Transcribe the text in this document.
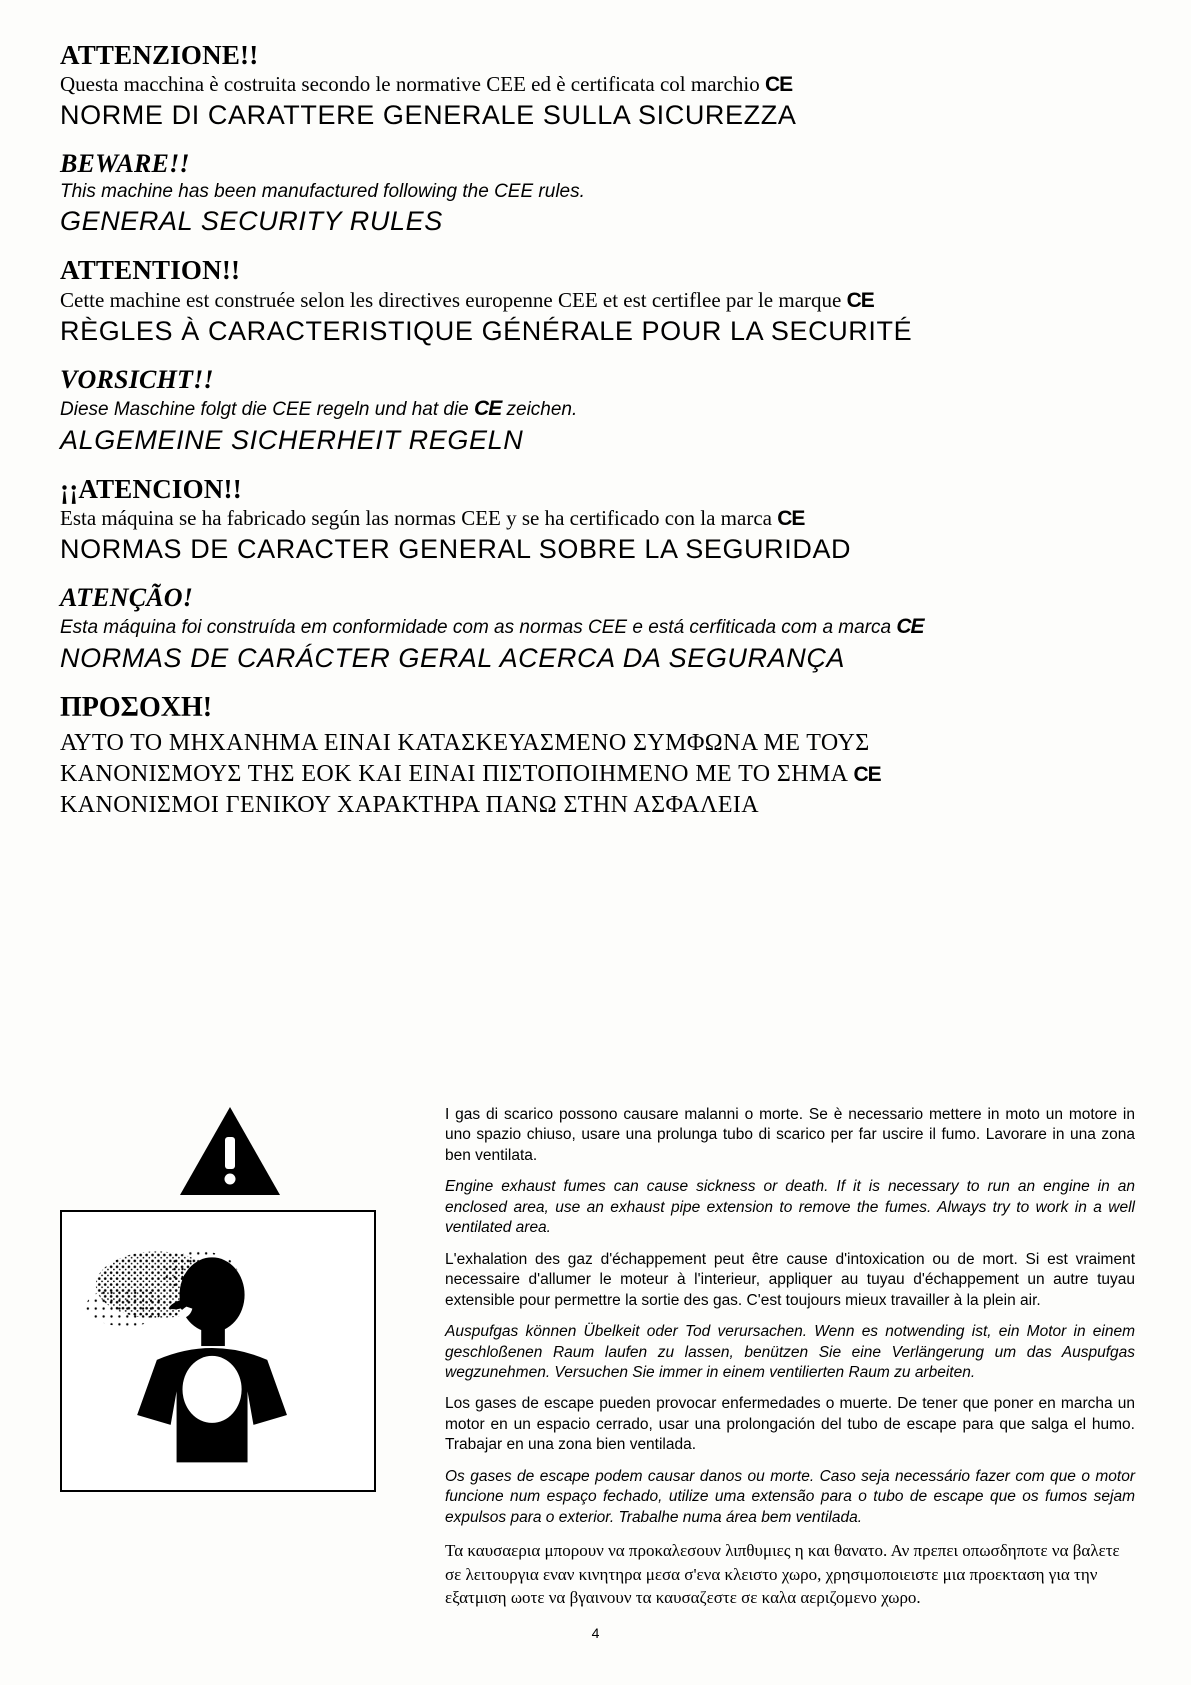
ATTENZIONE!!
Questa macchina è costruita secondo le normative CEE ed è certificata col marchio CE
NORME DI CARATTERE GENERALE SULLA SICUREZZA
BEWARE!!
This machine has been manufactured following the CEE rules.
GENERAL SECURITY RULES
ATTENTION!!
Cette machine est construée selon les directives europenne CEE et est certiflee par le marque CE
RÈGLES À CARACTERISTIQUE GÉNÉRALE POUR LA SECURITÉ
VORSICHT!!
Diese Maschine folgt die CEE regeln und hat die CE zeichen.
ALGEMEINE SICHERHEIT REGELN
¡¡ATENCION!!
Esta máquina se ha fabricado según las normas CEE y se ha certificado con la marca CE
NORMAS DE CARACTER GENERAL SOBRE LA SEGURIDAD
ATENÇÃO!
Esta máquina foi construída em conformidade com as normas CEE e está cerfiticada com a marca CE
NORMAS DE CARÁCTER GERAL ACERCA DA SEGURANÇA
ΠΡΟΣΟΧΗ!
ΑΥΤΟ ΤΟ ΜΗΧΑΝΗΜΑ ΕΙΝΑΙ ΚΑΤΑΣΚΕΥΑΣΜΕΝΟ ΣΥΜΦΩΝΑ ΜΕ ΤΟΥΣ
ΚΑΝΟΝΙΣΜΟΥΣ ΤΗΣ ΕΟΚ ΚΑΙ ΕΙΝΑΙ ΠΙΣΤΟΠΟΙΗΜΕΝΟ ΜΕ ΤΟ ΣΗΜΑ CE
ΚΑΝΟΝΙΣΜΟΙ ΓΕΝΙΚΟΥ ΧΑΡΑΚΤΗΡΑ ΠΑΝΩ ΣΤΗΝ ΑΣΦΑΛΕΙΑ

I gas di scarico possono causare malanni o morte. Se è necessario mettere in moto un motore in uno spazio chiuso, usare una prolunga tubo di scarico per far uscire il fumo. Lavorare in una zona ben ventilata.

Engine exhaust fumes can cause sickness or death. If it is necessary to run an engine in an enclosed area, use an exhaust pipe extension to remove the fumes. Always try to work in a well ventilated area.

L'exhalation des gaz d'échappement peut être cause d'intoxication ou de mort. Si est vraiment necessaire d'allumer le moteur à l'interieur, appliquer au tuyau d'échappement un autre tuyau extensible pour permettre la sortie des gas. C'est toujours mieux travailler à la plein air.

Auspufgas können Übelkeit oder Tod verursachen. Wenn es notwending ist, ein Motor in einem geschloßenen Raum laufen zu lassen, benützen Sie eine Verlängerung um das Auspufgas wegzunehmen. Versuchen Sie immer in einem ventilierten Raum zu arbeiten.

Los gases de escape pueden provocar enfermedades o muerte. De tener que poner en marcha un motor en un espacio cerrado, usar una prolongación del tubo de escape para que salga el humo. Trabajar en una zona bien ventilada.

Os gases de escape podem causar danos ou morte. Caso seja necessário fazer com que o motor funcione num espaço fechado, utilize uma extensão para o tubo de escape que os fumos sejam expulsos para o exterior. Trabalhe numa área bem ventilada.

Τα καυσαερια μπορουν να προκαλεσουν λιπθυμιες η και θανατο. Αν πρεπει οπωσδηποτε να βαλετε σε λειτουργια εναν κινητηρα μεσα σ'ενα κλειστο χωρο, χρησιμοποιειστε μια προεκταση για την εξατμιση ωοτε να βγαινουν τα καυσαζεστε σε καλα αεριζομενο χωρο.

4
